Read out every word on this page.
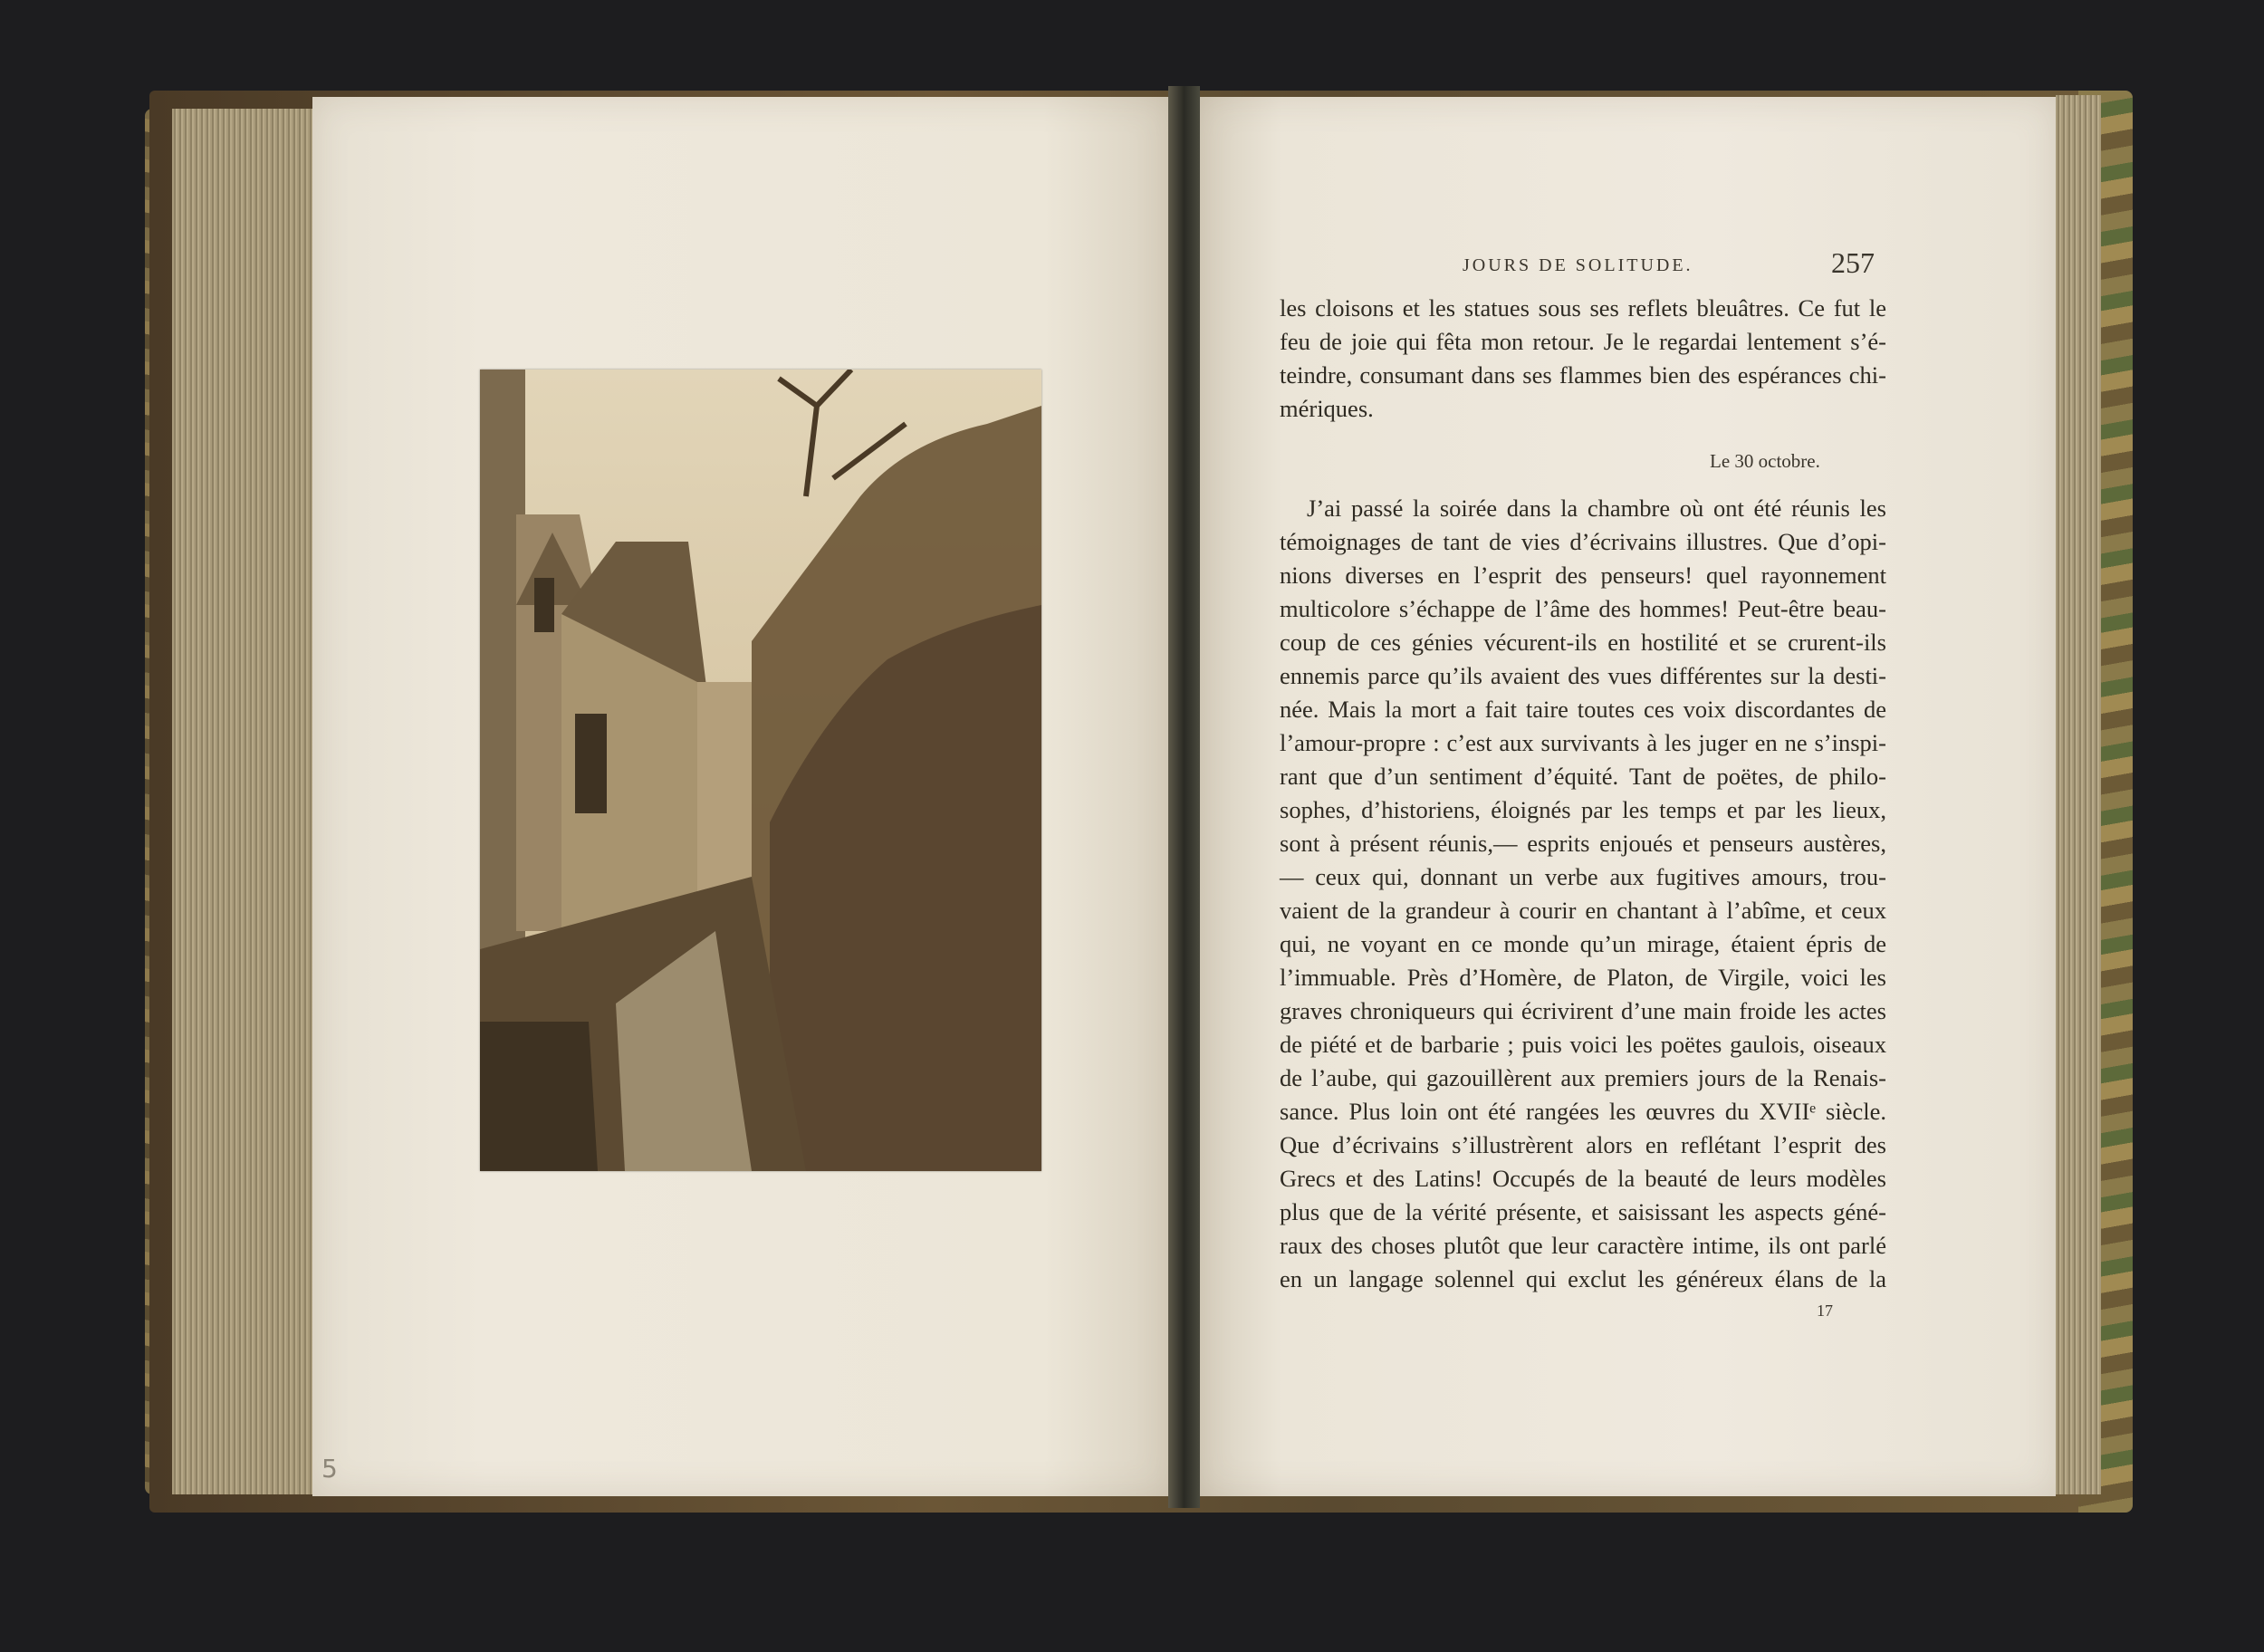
5
JOURS DE SOLITUDE.	257
les cloisons et les statues sous ses reflets bleuâtres. Ce fut le
feu de joie qui fêta mon retour. Je le regardai lentement s’é-
teindre, consumant dans ses flammes bien des espérances chi-
mériques.
Le 30 octobre.
J’ai passé la soirée dans la chambre où ont été réunis les
témoignages de tant de vies d’écrivains illustres. Que d’opi-
nions diverses en l’esprit des penseurs! quel rayonnement
multicolore s’échappe de l’âme des hommes! Peut-être beau-
coup de ces génies vécurent-ils en hostilité et se crurent-ils
ennemis parce qu’ils avaient des vues différentes sur la desti-
née. Mais la mort a fait taire toutes ces voix discordantes de
l’amour-propre : c’est aux survivants à les juger en ne s’inspi-
rant que d’un sentiment d’équité. Tant de poëtes, de philo-
sophes, d’historiens, éloignés par les temps et par les lieux,
sont à présent réunis,— esprits enjoués et penseurs austères,
— ceux qui, donnant un verbe aux fugitives amours, trou-
vaient de la grandeur à courir en chantant à l’abîme, et ceux
qui, ne voyant en ce monde qu’un mirage, étaient épris de
l’immuable. Près d’Homère, de Platon, de Virgile, voici les
graves chroniqueurs qui écrivirent d’une main froide les actes
de piété et de barbarie ; puis voici les poëtes gaulois, oiseaux
de l’aube, qui gazouillèrent aux premiers jours de la Renais-
sance. Plus loin ont été rangées les œuvres du XVIIᵉ siècle.
Que d’écrivains s’illustrèrent alors en reflétant l’esprit des
Grecs et des Latins! Occupés de la beauté de leurs modèles
plus que de la vérité présente, et saisissant les aspects géné-
raux des choses plutôt que leur caractère intime, ils ont parlé
en un langage solennel qui exclut les généreux élans de la
17
